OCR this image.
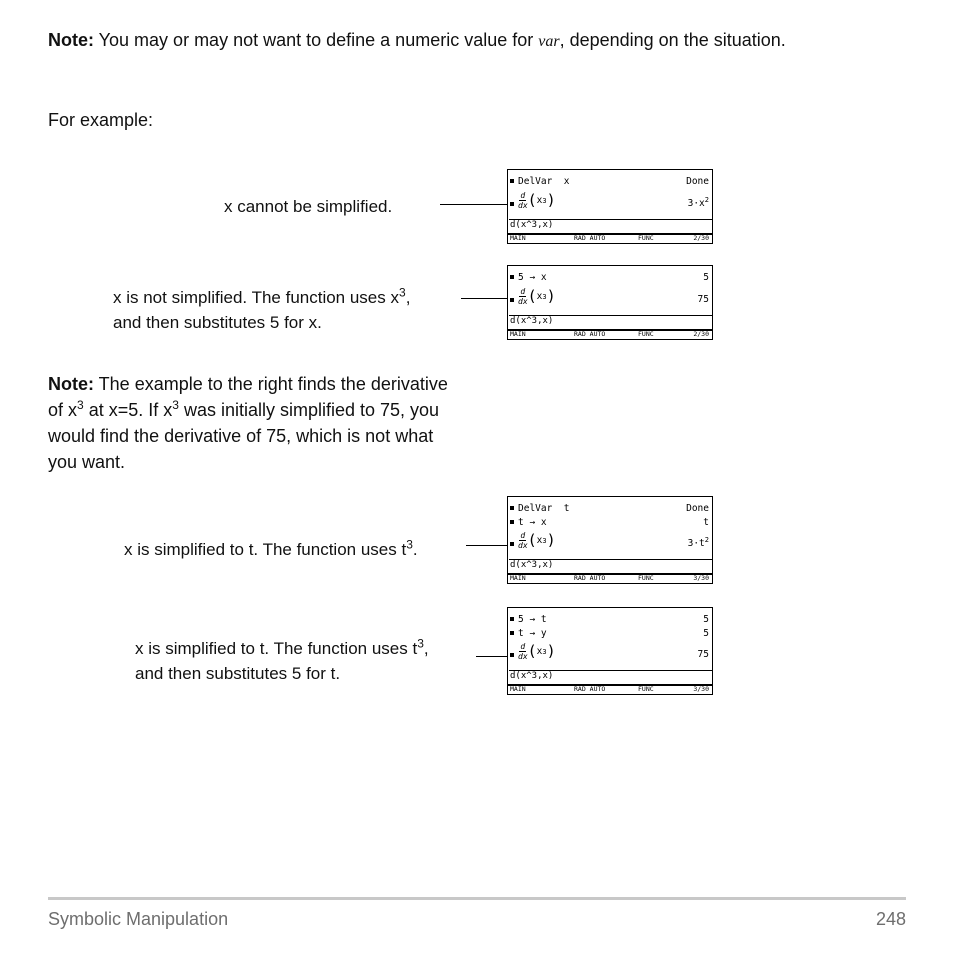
Note: You may or may not want to define a numeric value for var, depending on the situation.

For example:

x cannot be simplified.
DelVar  x	Done
$\frac{d}{dx}$ ( x 3 )	$3\cdot x^2$
d(x^3,x)
MAIN	RAD AUTO	FUNC	2/30
x is not simplified. The function uses $x^3$,
and then substitutes 5 for x.
5 → x	5
$\frac{d}{dx}$ ( x 3 )	75
d(x^3,x)
MAIN	RAD AUTO	FUNC	2/30
Note: The example to the right finds the derivative
of $x^3$ at x=5. If $x^3$ was initially simplified to 75, you
would find the derivative of 75, which is not what
you want.
x is simplified to t. The function uses $t^3$.
DelVar  t	Done
t → x	t
$\frac{d}{dx}$ ( x 3 )	$3\cdot t^2$
d(x^3,x)
MAIN	RAD AUTO	FUNC	3/30
x is simplified to t. The function uses $t^3$,
and then substitutes 5 for t.
5 → t	5
t → y	5
$\frac{d}{dx}$ ( x 3 )	75
d(x^3,x)
MAIN	RAD AUTO	FUNC	3/30
Symbolic Manipulation	248
